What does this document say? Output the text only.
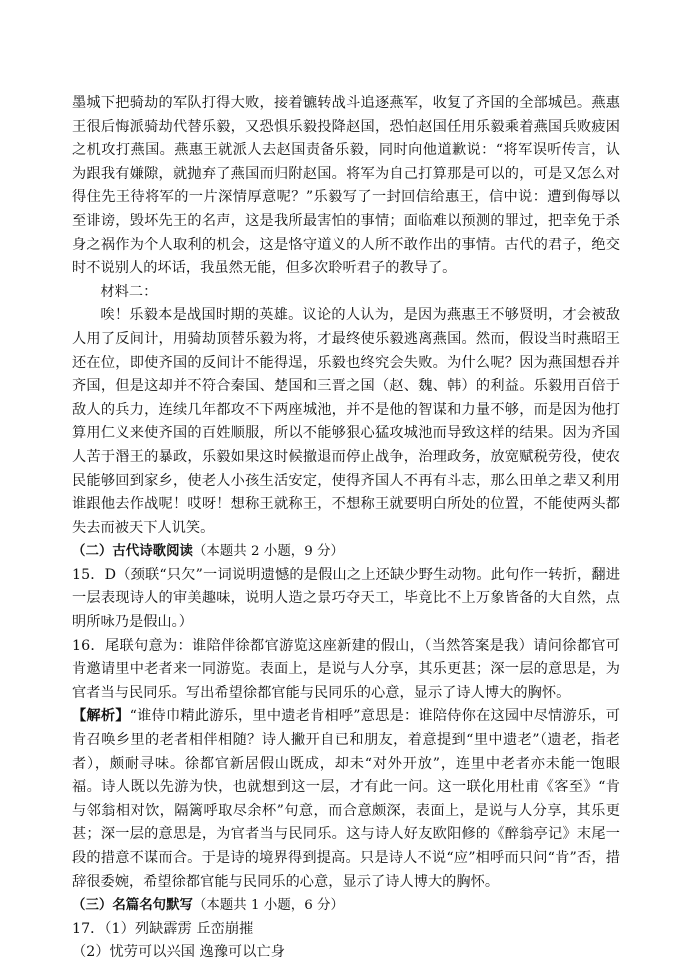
墨城下把骑劫的军队打得大败，接着镳转战斗追逐燕军，收复了齐国的全部城邑。燕惠王很后悔派骑劫代替乐毅，又恐惧乐毅投降赵国，恐怕赵国任用乐毅乘着燕国兵败疲困之机攻打燕国。燕惠王就派人去赵国责备乐毅，同时向他道歉说：“将军误听传言，认为跟我有嫌隙，就抛弃了燕国而归附赵国。将军为自己打算那是可以的，可是又怎么对得住先王待将军的一片深情厚意呢？”乐毅写了一封回信给惠王，信中说：遭到侮辱以至诽谤，毁坏先王的名声，这是我所最害怕的事情；面临难以预测的罪过，把幸免于杀身之祸作为个人取利的机会，这是恪守道义的人所不敢作出的事情。古代的君子，绝交时不说别人的坏话，我虽然无能，但多次聆听君子的教导了。

材料二：

唉！乐毅本是战国时期的英雄。议论的人认为，是因为燕惠王不够贤明，才会被敌人用了反间计，用骑劫顶替乐毅为将，才最终使乐毅逃离燕国。然而，假设当时燕昭王还在位，即使齐国的反间计不能得逞，乐毅也终究会失败。为什么呢？因为燕国想吞并齐国，但是这却并不符合秦国、楚国和三晋之国（赵、魏、韩）的利益。乐毅用百倍于敌人的兵力，连续几年都攻不下两座城池，并不是他的智谋和力量不够，而是因为他打算用仁义来使齐国的百姓顺服，所以不能够狠心猛攻城池而导致这样的结果。因为齐国人苦于湣王的暴政，乐毅如果这时候撤退而停止战争，治理政务，放宽赋税劳役，使农民能够回到家乡，使老人小孩生活安定，使得齐国人不再有斗志，那么田单之辈又利用谁跟他去作战呢！哎呀！想称王就称王，不想称王就要明白所处的位置，不能使两头都失去而被天下人讥笑。

（二）古代诗歌阅读（本题共 2 小题，9 分）

15．D（颈联“只欠”一词说明遗憾的是假山之上还缺少野生动物。此句作一转折，翻进一层表现诗人的审美趣味，说明人造之景巧夺天工，毕竟比不上万象皆备的大自然，点明所咏乃是假山。）

16．尾联句意为：谁陪伴徐都官游览这座新建的假山，（当然答案是我）请问徐都官可肯邀请里中老者来一同游览。表面上，是说与人分享，其乐更甚；深一层的意思是，为官者当与民同乐。写出希望徐都官能与民同乐的心意，显示了诗人博大的胸怀。

【解析】“谁侍巾精此游乐，里中遗老肯相呼”意思是：谁陪侍你在这园中尽情游乐，可肯召唤乡里的老者相伴相随？诗人撇开自已和朋友，着意提到“里中遗老”（遗老，指老者），颇耐寻味。徐都官新居假山既成，却未“对外开放”，连里中老者亦未能一饱眼福。诗人既以先游为快，也就想到这一层，才有此一问。这一联化用杜甫《客至》“肯与邻翁相对饮，隔篱呼取尽余杯”句意，而合意颇深，表面上，是说与人分享，其乐更甚；深一层的意思是，为官者当与民同乐。这与诗人好友欧阳修的《醉翁亭记》末尾一段的措意不谋而合。于是诗的境界得到提高。只是诗人不说“应”相呼而只问“肯”否，措辞很委婉，希望徐都官能与民同乐的心意，显示了诗人博大的胸怀。

（三）名篇名句默写（本题共 1 小题，6 分）

17．（1）列缺霹雳 丘峦崩摧

（2）忧劳可以兴国 逸豫可以亡身
